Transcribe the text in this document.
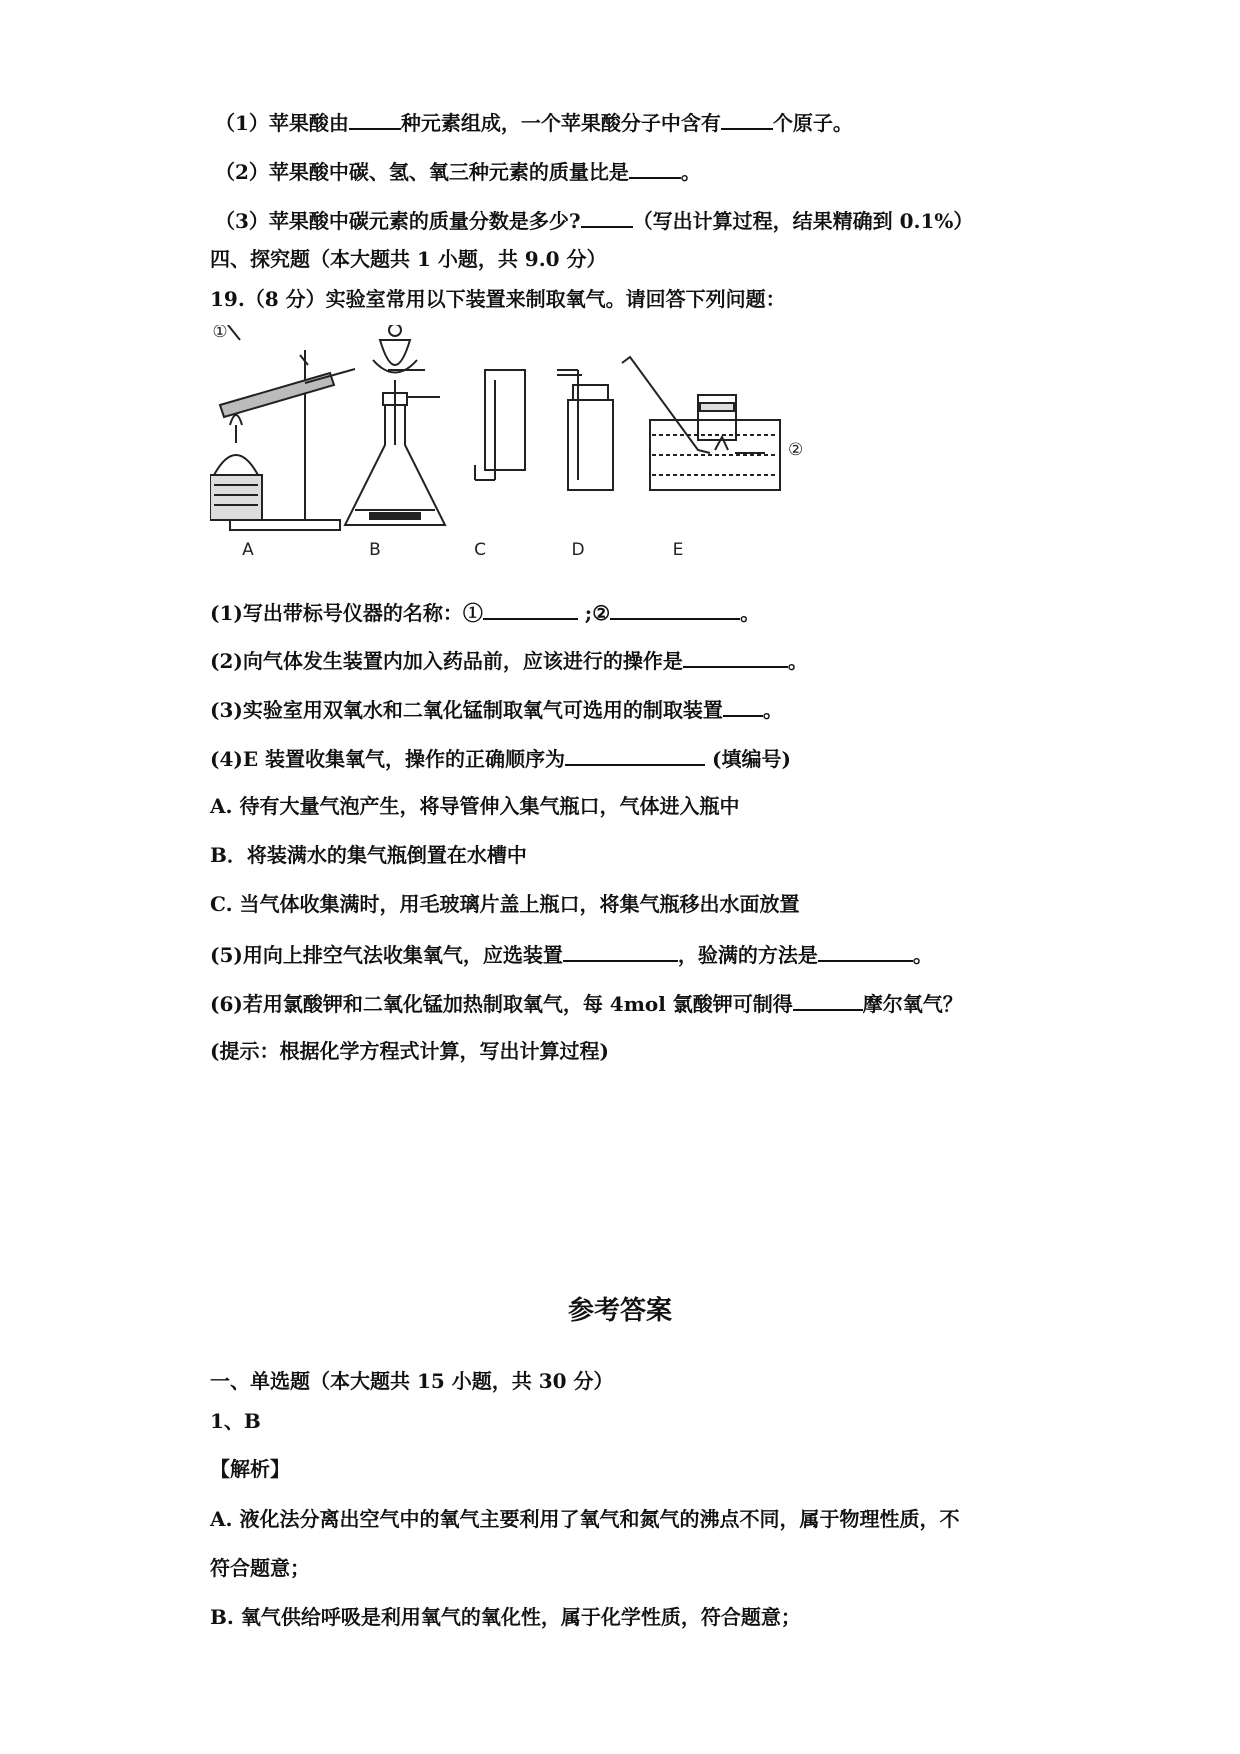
（1）苹果酸由	种元素组成，一个苹果酸分子中含有	个原子。
（2）苹果酸中碳、氢、氧三种元素的质量比是	。
（3）苹果酸中碳元素的质量分数是多少?	（写出计算过程，结果精确到 0.1%）
四、探究题（本大题共 1 小题，共 9.0 分）
19.（8 分）实验室常用以下装置来制取氧气。请回答下列问题：
①
②
A	B	C	D	E
(1)写出带标号仪器的名称：①	;②	。
(2)向气体发生装置内加入药品前，应该进行的操作是	。
(3)实验室用双氧水和二氧化锰制取氧气可选用的制取装置 。
(4)E 装置收集氧气，操作的正确顺序为	(填编号)
A. 待有大量气泡产生，将导管伸入集气瓶口，气体进入瓶中
B．将装满水的集气瓶倒置在水槽中
C. 当气体收集满时，用毛玻璃片盖上瓶口，将集气瓶移出水面放置
(5)用向上排空气法收集氧气，应选装置	，验满的方法是	。
(6)若用氯酸钾和二氧化锰加热制取氧气，每 4mol 氯酸钾可制得	摩尔氧气？
(提示：根据化学方程式计算，写出计算过程)
参考答案
一、单选题（本大题共 15 小题，共 30 分）
1、B
【解析】
A. 液化法分离出空气中的氧气主要利用了氧气和氮气的沸点不同，属于物理性质，不
符合题意；
B. 氧气供给呼吸是利用氧气的氧化性，属于化学性质，符合题意；
